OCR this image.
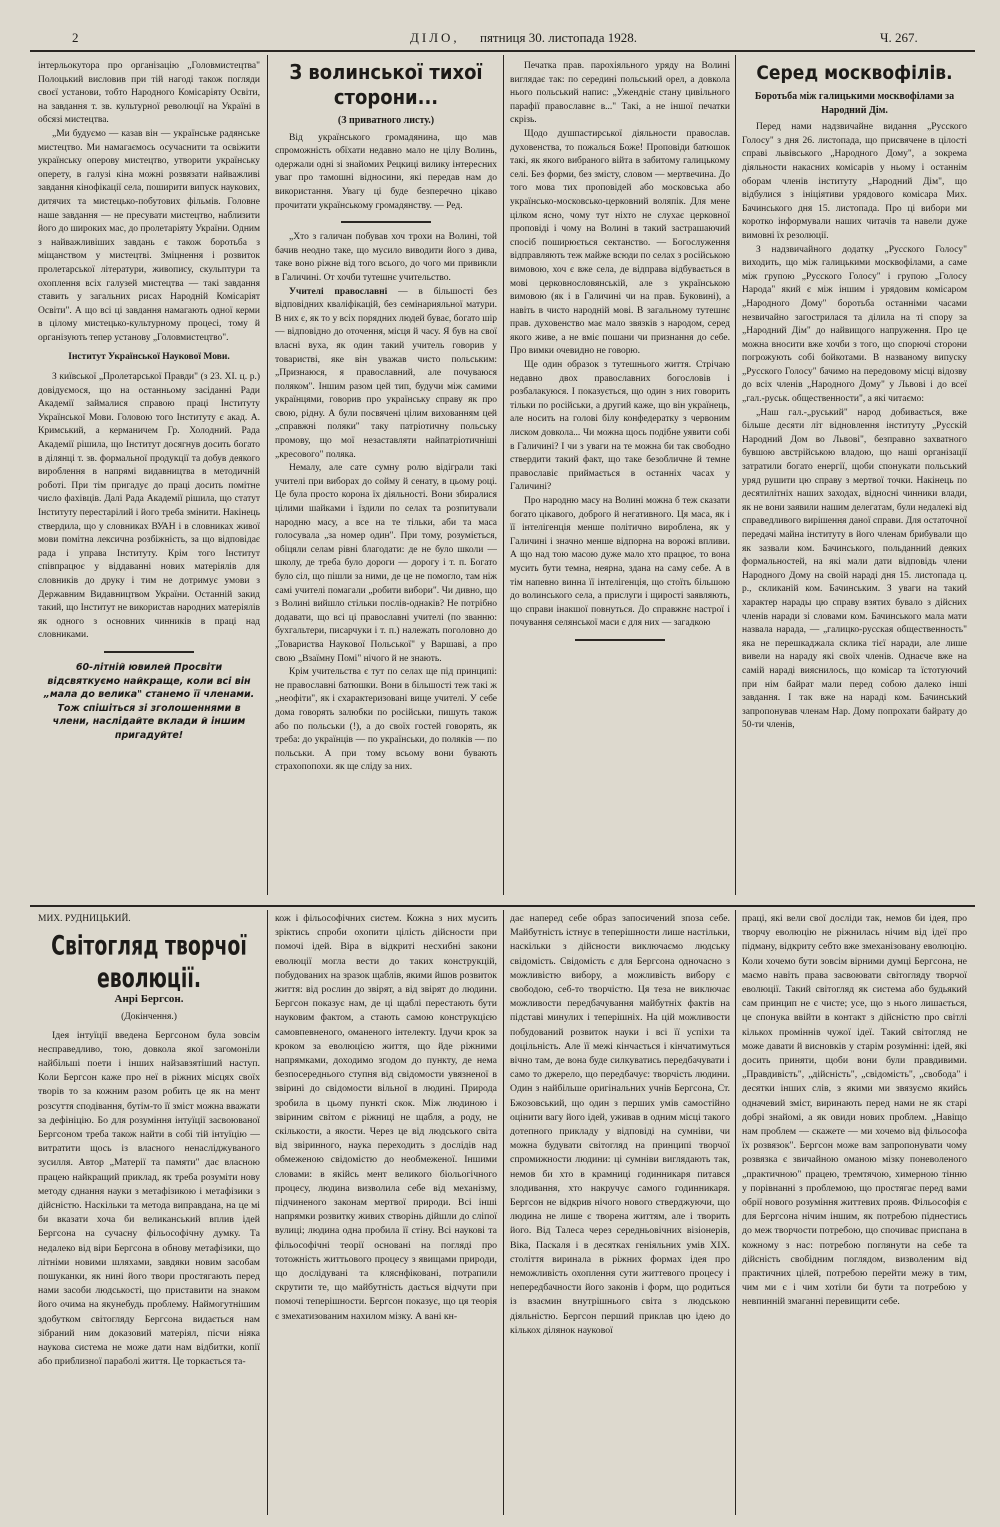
2	ДІЛО, пятниця 30. листопада 1928.	Ч. 267.

інтерльокутора про організацію „Головмистецтва" Полоцький висловив при тій нагоді також погляди своєї установи, тобто Народного Комісаріяту Освіти, на завдання т. зв. культурної революції на Україні в обсязі мистецтва.

„Ми будуємо — казав він — українське радянське мистецтво. Ми намагаємось осучаснити та освіжити українську оперову мистецтво, утворити українську оперету, в галузі кіна можні розвязати найважливі завдання кінофікації села, поширити випуск наукових, дитячих та мистецько-побутових фільмів. Головне наше завдання — не пресувати мистецтво, наблизити його до широких мас, до пролетаріяту України. Одним з найважливіших завдань є також боротьба з міщанством у мистецтві. Зміцнення і розвиток пролетарської літератури, живопису, скульптури та охоплення всіх галузей мистецтва — такі завдання ставить у загальних рисах Народній Комісаріят Освіти". А що всі ці завдання намагають одної керми в цілому мистецько-культурному процесі, тому й організують тепер установу „Головмистецтво".

Інститут Української Наукової Мови.

З київської „Пролетарської Правди" (з 23. XI. ц. р.) довідуємося, що на останньому засіданні Ради Академії займалися справою праці Інституту Української Мови. Головою того Інституту є акад. А. Кримський, а керманичем Гр. Холодний. Рада Академії рішила, що Інститут досягнув досить богато в ділянці т. зв. формальної продукції та добув деякого вироблення в напрямі видавництва в методичній роботі. При тім пригадує до праці досить помітне число фахівців. Далі Рада Академії рішила, що статут Інституту перестарілий і його треба змінити. Накінець ствердила, що у словниках ВУАН і в словниках живої мови помітна лексична розбіжність, за що відповідає рада і управа Інституту. Крім того Інститут співпрацює у віддаванні нових матеріялів для словників до друку і тим не дотримує умови з Державним Видавництвом України. Останній закид такий, що Інститут не використав народних матеріялів як одного з основних чинників в праці над словниками.

60-літній ювилей Просвіти відсвяткуємо найкраще, коли всі він „мала до велика" станемо її членами. Тож спішіться зі зголошеннями в члени, наслідайте вклади й іншим пригадуйте!
З волинської тихої сторони...
(З приватного листу.)

Від українського громадянина, що мав спроможність обїхати недавно мало не цілу Волинь, одержали одні зі знайомих Рецкиці вилику інтересних уваг про тамошні відносини, які передав нам до використання. Увагу ці буде безперечно цікаво прочитати українському громадянству. — Ред.

„Хто з галичан побував хоч трохи на Волині, той бачив неодно таке, що мусило виводити його з дива, таке воно ріжне від того всього, до чого ми привикли в Галичині. От хочби тутешнє учительство.

Учителі православні — в більшості без відповідних кваліфікацій, без семінарияльної матури. В них є, як то у всіх порядних людей буває, богато шір — відповідно до оточення, місця й часу. Я був на свої власні вуха, як один такий учитель говорив у товаристві, яке він уважав чисто польським: „Признаюся, я православний, але почуваюся поляком". Іншим разом цей тип, будучи між самими українцями, говорив про українську справу як про свою, рідну. А були посвячені цілим вихованням цей „справжні поляки" таку патріотичну польську промову, що мої незаставляти найпатріотичніші „кресового" поляка.

Немалу, але сате сумну ролю відіграли такі учителі при виборах до сойму й сенату, в цьому році. Це була просто корона їх діяльності. Вони збиралися цілими шайками і їздили по селах та розпитували народню масу, а все на те тільки, аби та маса голосувала „за номер один". При тому, розуміється, обіцяли селам рівні благодати: де не було школи — школу, де треба було дороги — дорогу і т. п. Богато було сіл, що пішли за ними, де це не помогло, там ніж самі учителі помагали „робити вибори". Чи дивно, що з Волині вийшло стільки послів-однаків? Не потрібно додавати, що всі ці православні учителі (по званню: бухгальтери, писарчуки і т. п.) належать поголовно до „Товариства Наукової Польської" у Варшаві, а про свою „Взаїмну Помі" нічого й не знають.

Крім учительства є тут по селах ще під принципі: не православні батюшки. Вони в більшості теж такі ж „неофіти", як і схарактеризовані вище учителі. У себе дома говорять залюбки по російськи, пишуть також або по польськи (!), а до своїх гостей говорять, як треба: до українців — по українськи, до поляків — по польськи. А при тому всьому вони бувають страхопопохи. як ще сліду за них.

Печатка прав. парохіяльного уряду на Волині виглядає так: по середині польський орел, а довкола нього польський напис: „Ужендніє стану цивільного парафії православнє в..." Такі, а не іншої печатки скрізь.

Щодо душпастирської діяльности православ. духовенства, то пожалься Боже! Проповіди батюшок такі, як якого вибраного війта в забитому галицькому селі. Без форми, без змісту, словом — мертвечина. До того мова тих проповідей або московська або українсько-московсько-церковний воляпік. Для мене цілком ясно, чому тут ніхто не слухає церковної проповіді і чому на Волині в такий застрашаючий спосіб поширюється сектанство. — Богослуження відправляють теж майже всюди по селах з російською вимовою, хоч є вже села, де відправа відбувається в мові церковнословянській, але з українською вимовою (як і в Галичині чи на прав. Буковині), а навіть в чисто народній мові. В загальному тутешнє прав. духовенство має мало звязків з народом, серед якого живе, а не вміє пошани чи признання до себе. Про вимки очевидно не говорю.

Ще один образок з тутешнього життя. Стрічаю недавно двох православних богословів і розбалакуюся. І показується, що один з них говорить тільки по російськи, а другий каже, що він українець, але носить на голові білу конфедератку з червоним лиском довкола... Чи можна щось подібне уявити собі в Галичині? І чи з уваги на те можна би так свободно ствердити такий факт, що таке безобличне й темне православіє приймається в останніх часах у Галичині?

Про народню масу на Волині можна б теж сказати богато цікавого, доброго й негативного. Ця маса, як і її інтелігенція менше політично вироблена, як у Галичині і значно менше відпорна на ворожі впливи. А що над тою масою дуже мало хто працює, то вона мусить бути темна, неярна, здана на саму себе. А в тім напевно винна її інтелігенція, що стоїть більшою до волинського села, а прислуги і щирості заявляють, що справи інакшої повнуться. До справжнє настрої і почування селянської маси є для них — загадкою

Серед москвофілів.
Боротьба між галицькими москвофілами за Народний Дім.

Перед нами надзвичайне видання „Русского Голосу" з дня 26. листопада, що присвячене в цілості справі львівського „Народного Дому", а зокрема діяльности накасних комісарів у ньому і останнім оборам членів інституту „Народний Дім", що відбулися з ініціятиви урядового комісара Мих. Бачинського дня 15. листопада. Про ці вибори ми коротко інформували наших читачів та навели дуже вимовні їх резолюції.

З надзвичайного додатку „Русского Голосу" виходить, що між галицькими москвофілами, а саме між групою „Русского Голосу" і групою „Голосу Народа" який є між іншим і урядовим комісаром „Народного Дому" боротьба останніми часами незвичайно загострилася та ділила на ті спору за „Народний Дім" до найвищого напруження. Про це можна вносити вже хочби з того, що спорючі сторони погрожують собі бойкотами. В названому випуску „Русского Голосу" бачимо на передовому місці відозву до всіх членів „Народного Дому" у Львові і до всеї „гал.-руськ. общественности", а які читаємо:

„Наш гал.-„руський" народ добивається, вже більше десяти літ відновлення інституту „Русскій Народний Дом во Львові", безправно захватного бувшою австрійською владою, що наші організації затратили богато енергії, щоби спонукати польський уряд рушити цю справу з мертвої точки. Накінець по десятилітніх наших заходах, відносні чинники влади, як не вони заявили нашим делегатам, були недалекі від справедливого вирішення даної справи. Для остаточної передачі майна інституту в його членам брибували що як зазвали ком. Бачинського, польданний деяких формальностей, на які мали дати відповідь члени Народного Дому на своїй нараді дня 15. листопада ц. р., скликаній ком. Бачинським. З уваги на такий характер нарады цю справу взятих бувало з дійсних членів наради зі словами ком. Бачинського мала мати назвала нарада, — „галицко-русская общественность" яка не перешкаджала склика тієї наради, але лише вивели на нараду які своїх членів. Однаєче вже на самій нараді вияснилось, що комісар та їстотуючий при нім байрат мали перед собою далеко інші завдання. І так вже на нараді ком. Бачинський запропонував членам Нар. Дому попрохати байрату до 50-ти членів,

МИХ. РУДНИЦЬКИЙ.
Світогляд творчої еволюції.
Анрі Бергсон.
(Докінчення.)

Ідея інтуїції введена Бергсоном була зовсім несправедливо, тою, довкола якої загомоніли найбільші поети і інших найзавзятіший наступ. Коли Бергсон каже про неї в ріжних місцях своїх творів то за кожним разом робить це як на мент розсуття сподівання, бутім-то її зміст можна вважати за дефініцію. Бо для розуміння інтуїції засвоюваної Бергсоном треба також найти в собі тій інтуїцію — витратити щось із власного ненасліджуваного зусилля. Автор „Матерії та памяти" дає власною працею найкращий приклад, як треба розуміти нову методу єднання науки з метафізикою і метафізики з дійсністю. Наскільки та метода виправдана, на це мі би вказати хоча би великанський вплив ідей Бергсона на сучасну фільософічну думку. Та недалеко від віри Бергсона в обнову метафізики, що літніми новими шляхами, завдяки новим засобам пошуканки, як нині його твори простягають перед нами засоби людськості, що приставити на знаком його очима на якунебудь проблему. Наймогутнішим здобутком світогляду Бергсона видається нам зібраний ним доказовий матеріял, пісчи ніяка наукова система не може дати нам відбитки, копії або приблизної параболі життя. Це торкається та-

кож і фільософічних систем. Кожна з них мусить зріктись спроби охопити цілість дійсности при помочі ідей. Віра в відкриті несхибні закони еволюції могла вести до таких конструкцій, побудованих на зразок щаблів, якими йшов розвиток життя: від рослин до звірят, а від звірят до людини. Бергсон показує нам, де ці щаблі перестають бути науковим фактом, а стають самою конструкцією самовпевненого, оманеного інтелекту. Ідучи крок за кроком за еволюцією життя, що йде ріжними напрямками, доходимо згодом до пункту, де нема безпосереднього ступня від свідомости увязненої в звірині до свідомости вільної в людині. Природа зробила в цьому пункті скок. Між людиною і звіриним світом є ріжниці не щабля, а роду, не скількости, а якости. Через це від людського світа від звіринного, наука переходить з дослідів над обмеженою свідомістю до необмеженої. Іншими словами: в якійсь мент великого біольогічного процесу, людина визволила себе від механізму, підчиненого законам мертвої природи. Всі інші напрямки розвитку живих створінь дійшли до сліпої вулиці; людина одна пробила її стіну. Всі наукові та фільософічні теорії основані на погляді про тотожність життьового процесу з явищами природи, що дослідувані та кляснфіковані, потрапили скрутити те, що майбутність дається відчути при помочі теперішности. Бергсон показує, що ця теорія є змехатизованим нахилом мізку. А вані кн-

дає наперед себе образ запосичений зпоза себе. Майбутність істнує в теперішности лише настільки, наскільки з дійсности виключаємо людську свідомість. Свідомість є для Бергсона одночасно з можливістю вибору, а можливість вибору є свободою, себ-то творчістю. Ця теза не виключає можливости передбачування майбутніх фактів на підставі минулих і теперішніх. На цій можливости побудований розвиток науки і всі її успіхи та доцільність. Алe її межі кінчається і кінчатимуться вічно там, де вона буде силкуватись передбачувати і само то джерело, що передбачує: творчість людини. Один з найбільше оригінальних учнів Бергсона, Ст. Бжозовський, що один з перших умів самостійно оцінити вагу його ідей, уживав в одним місці такого дотепного прикладу у відповіді на сумніви, чи можна будувати світогляд на принципі творчої спромижности людини: ці сумніви виглядають так, немов би хто в крамниці годинникаря питався злодивання, хто накручує самого годинникаря. Бергсон не відкрив нічого нового стверджуючи, що людина не лише є творена життям, але і творить його. Від Талеса через середньовічних візіонерів, Віка, Паскаля і в десятках геніяльних умів XIX. століття виринала в ріжних формах ідея про неможливість охоплення сути життевого процесу і непередбачности його законів і форм, що родиться із взаємин внутрішнього світа з людською діяльністю. Бергсон перший приклав цю ідею до кількох ділянок наукової

праці, які вели свої досліди так, немов би ідея, про творчу еволюцію не ріжнилась нічим від ідеї про підману, відкриту себто вже змеханізовану еволюцію. Коли хочемо бути зовсім вірними думці Бергсона, не маємо навіть права засвоювати світогляду творчої еволюції. Такий світогляд як система або будьякий сам принцип не є чисте; усе, що з нього лишається, це спонука ввійти в контакт з дійсністю про світлі кількох проміннів чужої ідеї. Такий світогляд не може давати й висновків у старім розумінні: ідей, які досить приняти, щоби вони були правдивими. „Правдивість", „дійсність", „свідомість", „свобода" і десятки інших слів, з якими ми звязуємо якийсь одначевий зміст, виринають перед нами не як старі добрі знайомі, а як овиди нових проблем. „Навіщо нам проблем — скажете — ми хочемо від фільософа їх розвязок". Бергсон може вам запропонувати чому розвязка є звичайною оманою мізку поневоленого „практичною" працею, тремтячою, химерною тінню у порівнанні з проблемою, що простягає перед вами обрії нового розуміння життевих прояв. Фільософія є для Бергсона нічим іншим, як потребою піднестись до меж творчости потребою, що спочиває приспана в кожному з нас: потребою поглянути на себе та дійсність свобідним поглядом, визволеним від практичних цілей, потребою перейти межу в тим, чим ми є і чим хотіли би бути та потребою у невпинній змаганні перевищити себе.
